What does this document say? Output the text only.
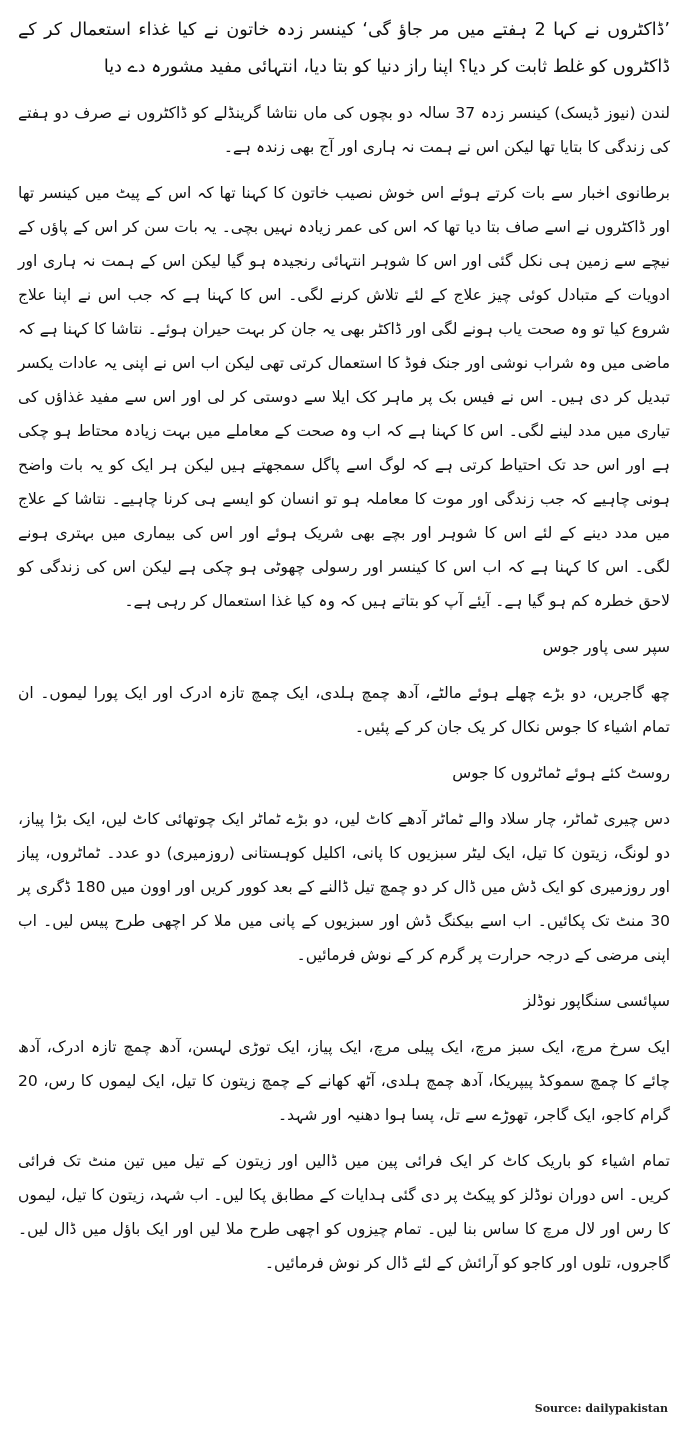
’ڈاکٹروں نے کہا 2 ہفتے میں مر جاؤ گی‘ کینسر زدہ خاتون نے کیا غذاء استعمال کر کے ڈاکٹروں کو غلط ثابت کر دیا؟ اپنا راز دنیا کو بتا دیا، انتہائی مفید مشورہ دے دیا

لندن (نیوز ڈیسک) کینسر زدہ 37 سالہ دو بچوں کی ماں نتاشا گرینڈلے کو ڈاکٹروں نے صرف دو ہفتے کی زندگی کا بتایا تھا لیکن اس نے ہمت نہ ہاری اور آج بھی زندہ ہے۔

برطانوی اخبار سے بات کرتے ہوئے اس خوش نصیب خاتون کا کہنا تھا کہ اس کے پیٹ میں کینسر تھا اور ڈاکٹروں نے اسے صاف بتا دیا تھا کہ اس کی عمر زیادہ نہیں بچی۔ یہ بات سن کر اس کے پاؤں کے نیچے سے زمین ہی نکل گئی اور اس کا شوہر انتہائی رنجیدہ ہو گیا لیکن اس کے ہمت نہ ہاری اور ادویات کے متبادل کوئی چیز علاج کے لئے تلاش کرنے لگی۔ اس کا کہنا ہے کہ جب اس نے اپنا علاج شروع کیا تو وہ صحت یاب ہونے لگی اور ڈاکٹر بھی یہ جان کر بہت حیران ہوئے۔ نتاشا کا کہنا ہے کہ ماضی میں وہ شراب نوشی اور جنک فوڈ کا استعمال کرتی تھی لیکن اب اس نے اپنی یہ عادات یکسر تبدیل کر دی ہیں۔ اس نے فیس بک پر ماہر کک ایلا سے دوستی کر لی اور اس سے مفید غذاؤں کی تیاری میں مدد لینے لگی۔ اس کا کہنا ہے کہ اب وہ صحت کے معاملے میں بہت زیادہ محتاط ہو چکی ہے اور اس حد تک احتیاط کرتی ہے کہ لوگ اسے پاگل سمجھتے ہیں لیکن ہر ایک کو یہ بات واضح ہونی چاہیے کہ جب زندگی اور موت کا معاملہ ہو تو انسان کو ایسے ہی کرنا چاہیے۔ نتاشا کے علاج میں مدد دینے کے لئے اس کا شوہر اور بچے بھی شریک ہوئے اور اس کی بیماری میں بہتری ہونے لگی۔ اس کا کہنا ہے کہ اب اس کا کینسر اور رسولی چھوٹی ہو چکی ہے لیکن اس کی زندگی کو لاحق خطرہ کم ہو گیا ہے۔ آیئے آپ کو بتاتے ہیں کہ وہ کیا غذا استعمال کر رہی ہے۔

سپر سی پاور جوس

چھ گاجریں، دو بڑے چھلے ہوئے مالٹے، آدھ چمچ ہلدی، ایک چمچ تازہ ادرک اور ایک پورا لیموں۔ ان تمام اشیاء کا جوس نکال کر یک جان کر کے پئیں۔

روسٹ کئے ہوئے ٹماٹروں کا جوس

دس چیری ٹماٹر، چار سلاد والے ٹماٹر آدھے کاٹ لیں، دو بڑے ٹماٹر ایک چوتھائی کاٹ لیں، ایک بڑا پیاز، دو لونگ، زیتون کا تیل، ایک لیٹر سبزیوں کا پانی، اکلیل کوہستانی (روزمیری) دو عدد۔ ٹماٹروں، پیاز اور روزمیری کو ایک ڈش میں ڈال کر دو چمچ تیل ڈالنے کے بعد کوور کریں اور اوون میں 180 ڈگری پر 30 منٹ تک پکائیں۔ اب اسے بیکنگ ڈش اور سبزیوں کے پانی میں ملا کر اچھی طرح پیس لیں۔ اب اپنی مرضی کے درجہ حرارت پر گرم کر کے نوش فرمائیں۔

سپائسی سنگاپور نوڈلز

ایک سرخ مرچ، ایک سبز مرچ، ایک پیلی مرچ، ایک پیاز، ایک توڑی لہسن، آدھ چمچ تازہ ادرک، آدھ چائے کا چمچ سموکڈ پیپریکا، آدھ چمچ ہلدی، آٹھ کھانے کے چمچ زیتون کا تیل، ایک لیموں کا رس، 20 گرام کاجو، ایک گاجر، تھوڑے سے تل، پسا ہوا دھنیہ اور شہد۔

تمام اشیاء کو باریک کاٹ کر ایک فرائی پین میں ڈالیں اور زیتون کے تیل میں تین منٹ تک فرائی کریں۔ اس دوران نوڈلز کو پیکٹ پر دی گئی ہدایات کے مطابق پکا لیں۔ اب شہد، زیتون کا تیل، لیموں کا رس اور لال مرچ کا ساس بنا لیں۔ تمام چیزوں کو اچھی طرح ملا لیں اور ایک باؤل میں ڈال لیں۔ گاجروں، تلوں اور کاجو کو آرائش کے لئے ڈال کر نوش فرمائیں۔

Source: dailypakistan
